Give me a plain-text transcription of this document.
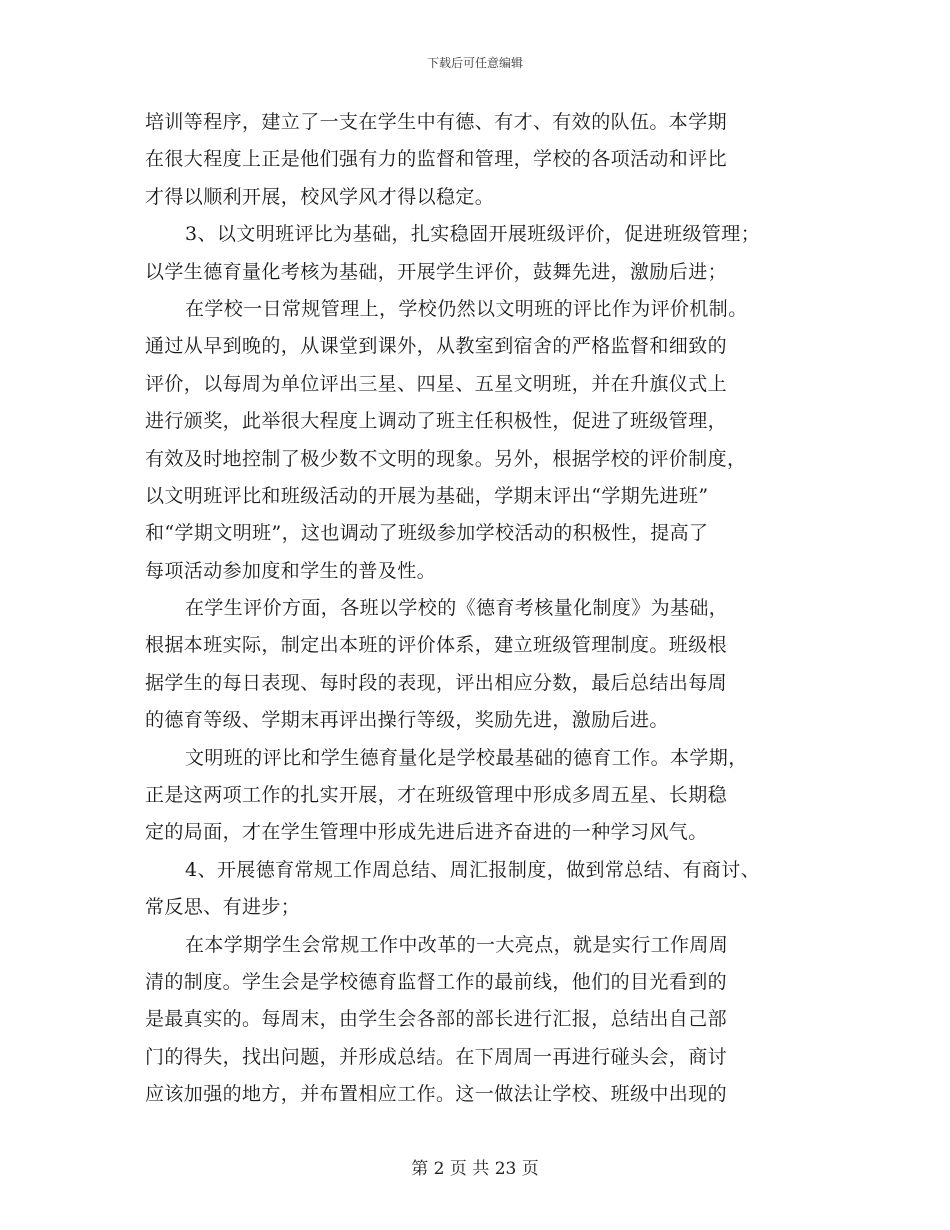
下载后可任意编辑
培训等程序，建立了一支在学生中有德、有才、有效的队伍。本学期
在很大程度上正是他们强有力的监督和管理，学校的各项活动和评比
才得以顺利开展，校风学风才得以稳定。
3、以文明班评比为基础，扎实稳固开展班级评价，促进班级管理；
以学生德育量化考核为基础，开展学生评价，鼓舞先进，激励后进；
在学校一日常规管理上，学校仍然以文明班的评比作为评价机制。
通过从早到晚的，从课堂到课外，从教室到宿舍的严格监督和细致的
评价，以每周为单位评出三星、四星、五星文明班，并在升旗仪式上
进行颁奖，此举很大程度上调动了班主任积极性，促进了班级管理，
有效及时地控制了极少数不文明的现象。另外，根据学校的评价制度，
以文明班评比和班级活动的开展为基础，学期末评出“学期先进班”
和“学期文明班”，这也调动了班级参加学校活动的积极性，提高了
每项活动参加度和学生的普及性。
在学生评价方面，各班以学校的《德育考核量化制度》为基础，
根据本班实际，制定出本班的评价体系，建立班级管理制度。班级根
据学生的每日表现、每时段的表现，评出相应分数，最后总结出每周
的德育等级、学期末再评出操行等级，奖励先进，激励后进。
文明班的评比和学生德育量化是学校最基础的德育工作。本学期，
正是这两项工作的扎实开展，才在班级管理中形成多周五星、长期稳
定的局面，才在学生管理中形成先进后进齐奋进的一种学习风气。
4、开展德育常规工作周总结、周汇报制度，做到常总结、有商讨、
常反思、有进步；
在本学期学生会常规工作中改革的一大亮点，就是实行工作周周
清的制度。学生会是学校德育监督工作的最前线，他们的目光看到的
是最真实的。每周末，由学生会各部的部长进行汇报，总结出自己部
门的得失，找出问题，并形成总结。在下周周一再进行碰头会，商讨
应该加强的地方，并布置相应工作。这一做法让学校、班级中出现的
第 2 页 共 23 页
